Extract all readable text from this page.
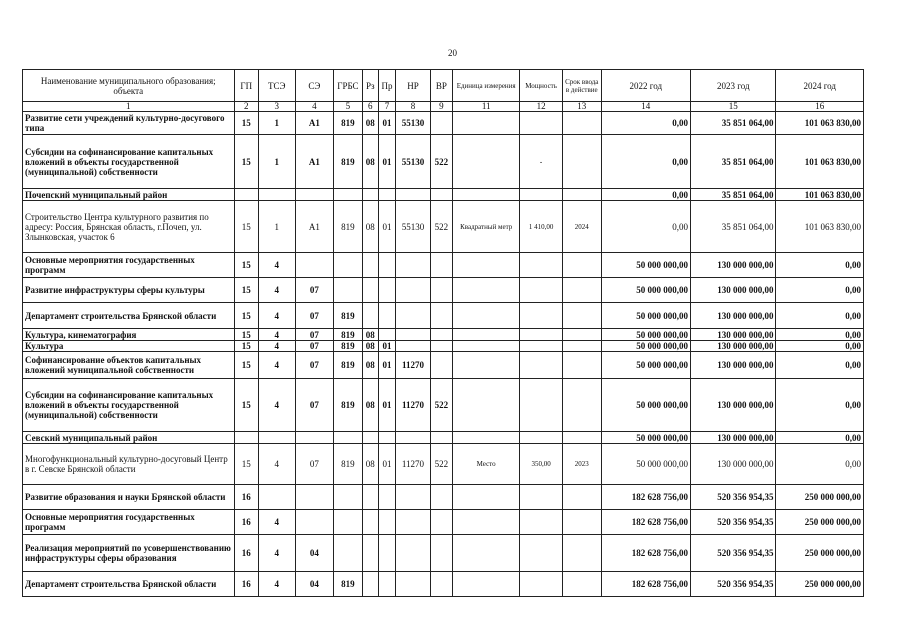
20
Наименование муниципального образования; объекта	ГП	ТСЭ	СЭ	ГРБС	Рз	Пр	НР	ВР	Единица измерения	Мощность	Срок ввода в действие	2022 год	2023 год	2024 год
1	2	3	4	5	6	7	8	9	11	12	13	14	15	16
Развитие сети учреждений культурно-досугового типа	15	1	А1	819	08	01	55130					0,00	35 851 064,00	101 063 830,00
Субсидии на софинансирование капитальных вложений в объекты государственной (муниципальной) собственности	15	1	А1	819	08	01	55130	522		-		0,00	35 851 064,00	101 063 830,00
Почепский муниципальный район												0,00	35 851 064,00	101 063 830,00
Строительство Центра культурного развития по адресу: Россия, Брянская область, г.Почеп, ул. Злынковская, участок 6	15	1	А1	819	08	01	55130	522	Квадратный метр	1 410,00	2024	0,00	35 851 064,00	101 063 830,00
Основные мероприятия государственных программ	15	4										50 000 000,00	130 000 000,00	0,00
Развитие инфраструктуры сферы культуры	15	4	07									50 000 000,00	130 000 000,00	0,00
Департамент строительства Брянской области	15	4	07	819								50 000 000,00	130 000 000,00	0,00
Культура, кинематография	15	4	07	819	08							50 000 000,00	130 000 000,00	0,00
Культура	15	4	07	819	08	01						50 000 000,00	130 000 000,00	0,00
Софинансирование объектов капитальных вложений муниципальной собственности	15	4	07	819	08	01	11270					50 000 000,00	130 000 000,00	0,00
Субсидии на софинансирование капитальных вложений в объекты государственной (муниципальной) собственности	15	4	07	819	08	01	11270	522				50 000 000,00	130 000 000,00	0,00
Севский муниципальный район												50 000 000,00	130 000 000,00	0,00
Многофункциональный культурно-досуговый Центр в г. Севске Брянской области	15	4	07	819	08	01	11270	522	Место	350,00	2023	50 000 000,00	130 000 000,00	0,00
Развитие образования и науки Брянской области	16											182 628 756,00	520 356 954,35	250 000 000,00
Основные мероприятия государственных программ	16	4										182 628 756,00	520 356 954,35	250 000 000,00
Реализация мероприятий по усовершенствованию инфраструктуры сферы образования	16	4	04									182 628 756,00	520 356 954,35	250 000 000,00
Департамент строительства Брянской области	16	4	04	819								182 628 756,00	520 356 954,35	250 000 000,00
